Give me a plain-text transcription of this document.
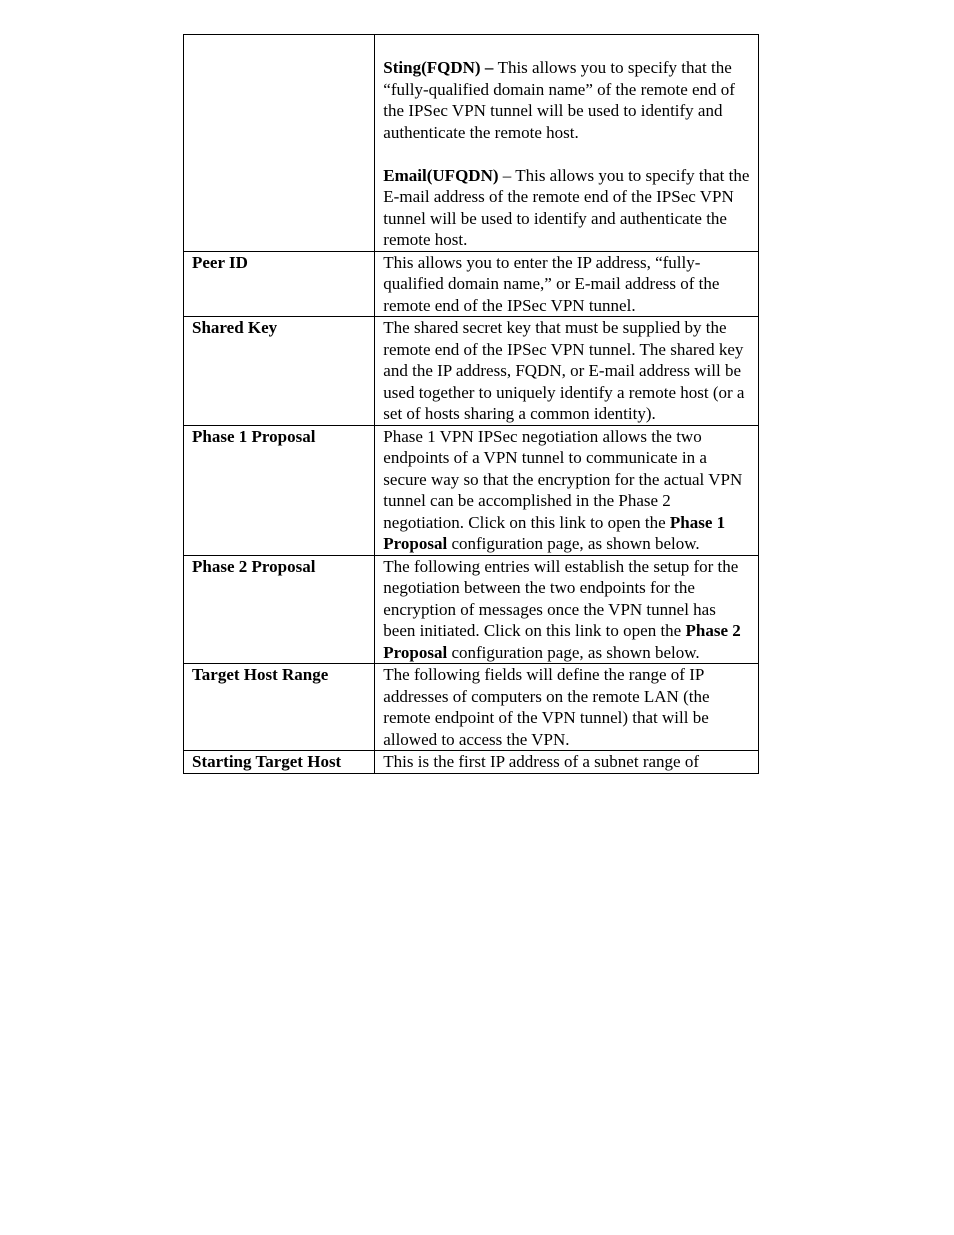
	Sting(FQDN) – This allows you to specify that the “fully-qualified domain name” of the remote end of the IPSec VPN tunnel will be used to identify and authenticate the remote host.
Email(UFQDN) – This allows you to specify that the E-mail address of the remote end of the IPSec VPN tunnel will be used to identify and authenticate the remote host.

Peer ID	This allows you to enter the IP address, “fully-qualified domain name,” or E-mail address of the remote end of the IPSec VPN tunnel.
Shared Key	The shared secret key that must be supplied by the remote end of the IPSec VPN tunnel. The shared key and the IP address, FQDN, or E-mail address will be used together to uniquely identify a remote host (or a set of hosts sharing a common identity).
Phase 1 Proposal	Phase 1 VPN IPSec negotiation allows the two endpoints of a VPN tunnel to communicate in a secure way so that the encryption for the actual VPN tunnel can be accomplished in the Phase 2 negotiation. Click on this link to open the Phase 1 Proposal configuration page, as shown below.
Phase 2 Proposal	The following entries will establish the setup for the negotiation between the two endpoints for the encryption of messages once the VPN tunnel has been initiated. Click on this link to open the Phase 2 Proposal configuration page, as shown below.
Target Host Range	The following fields will define the range of IP addresses of computers on the remote LAN (the remote endpoint of the VPN tunnel) that will be allowed to access the VPN.
Starting Target Host	This is the first IP address of a subnet range of
